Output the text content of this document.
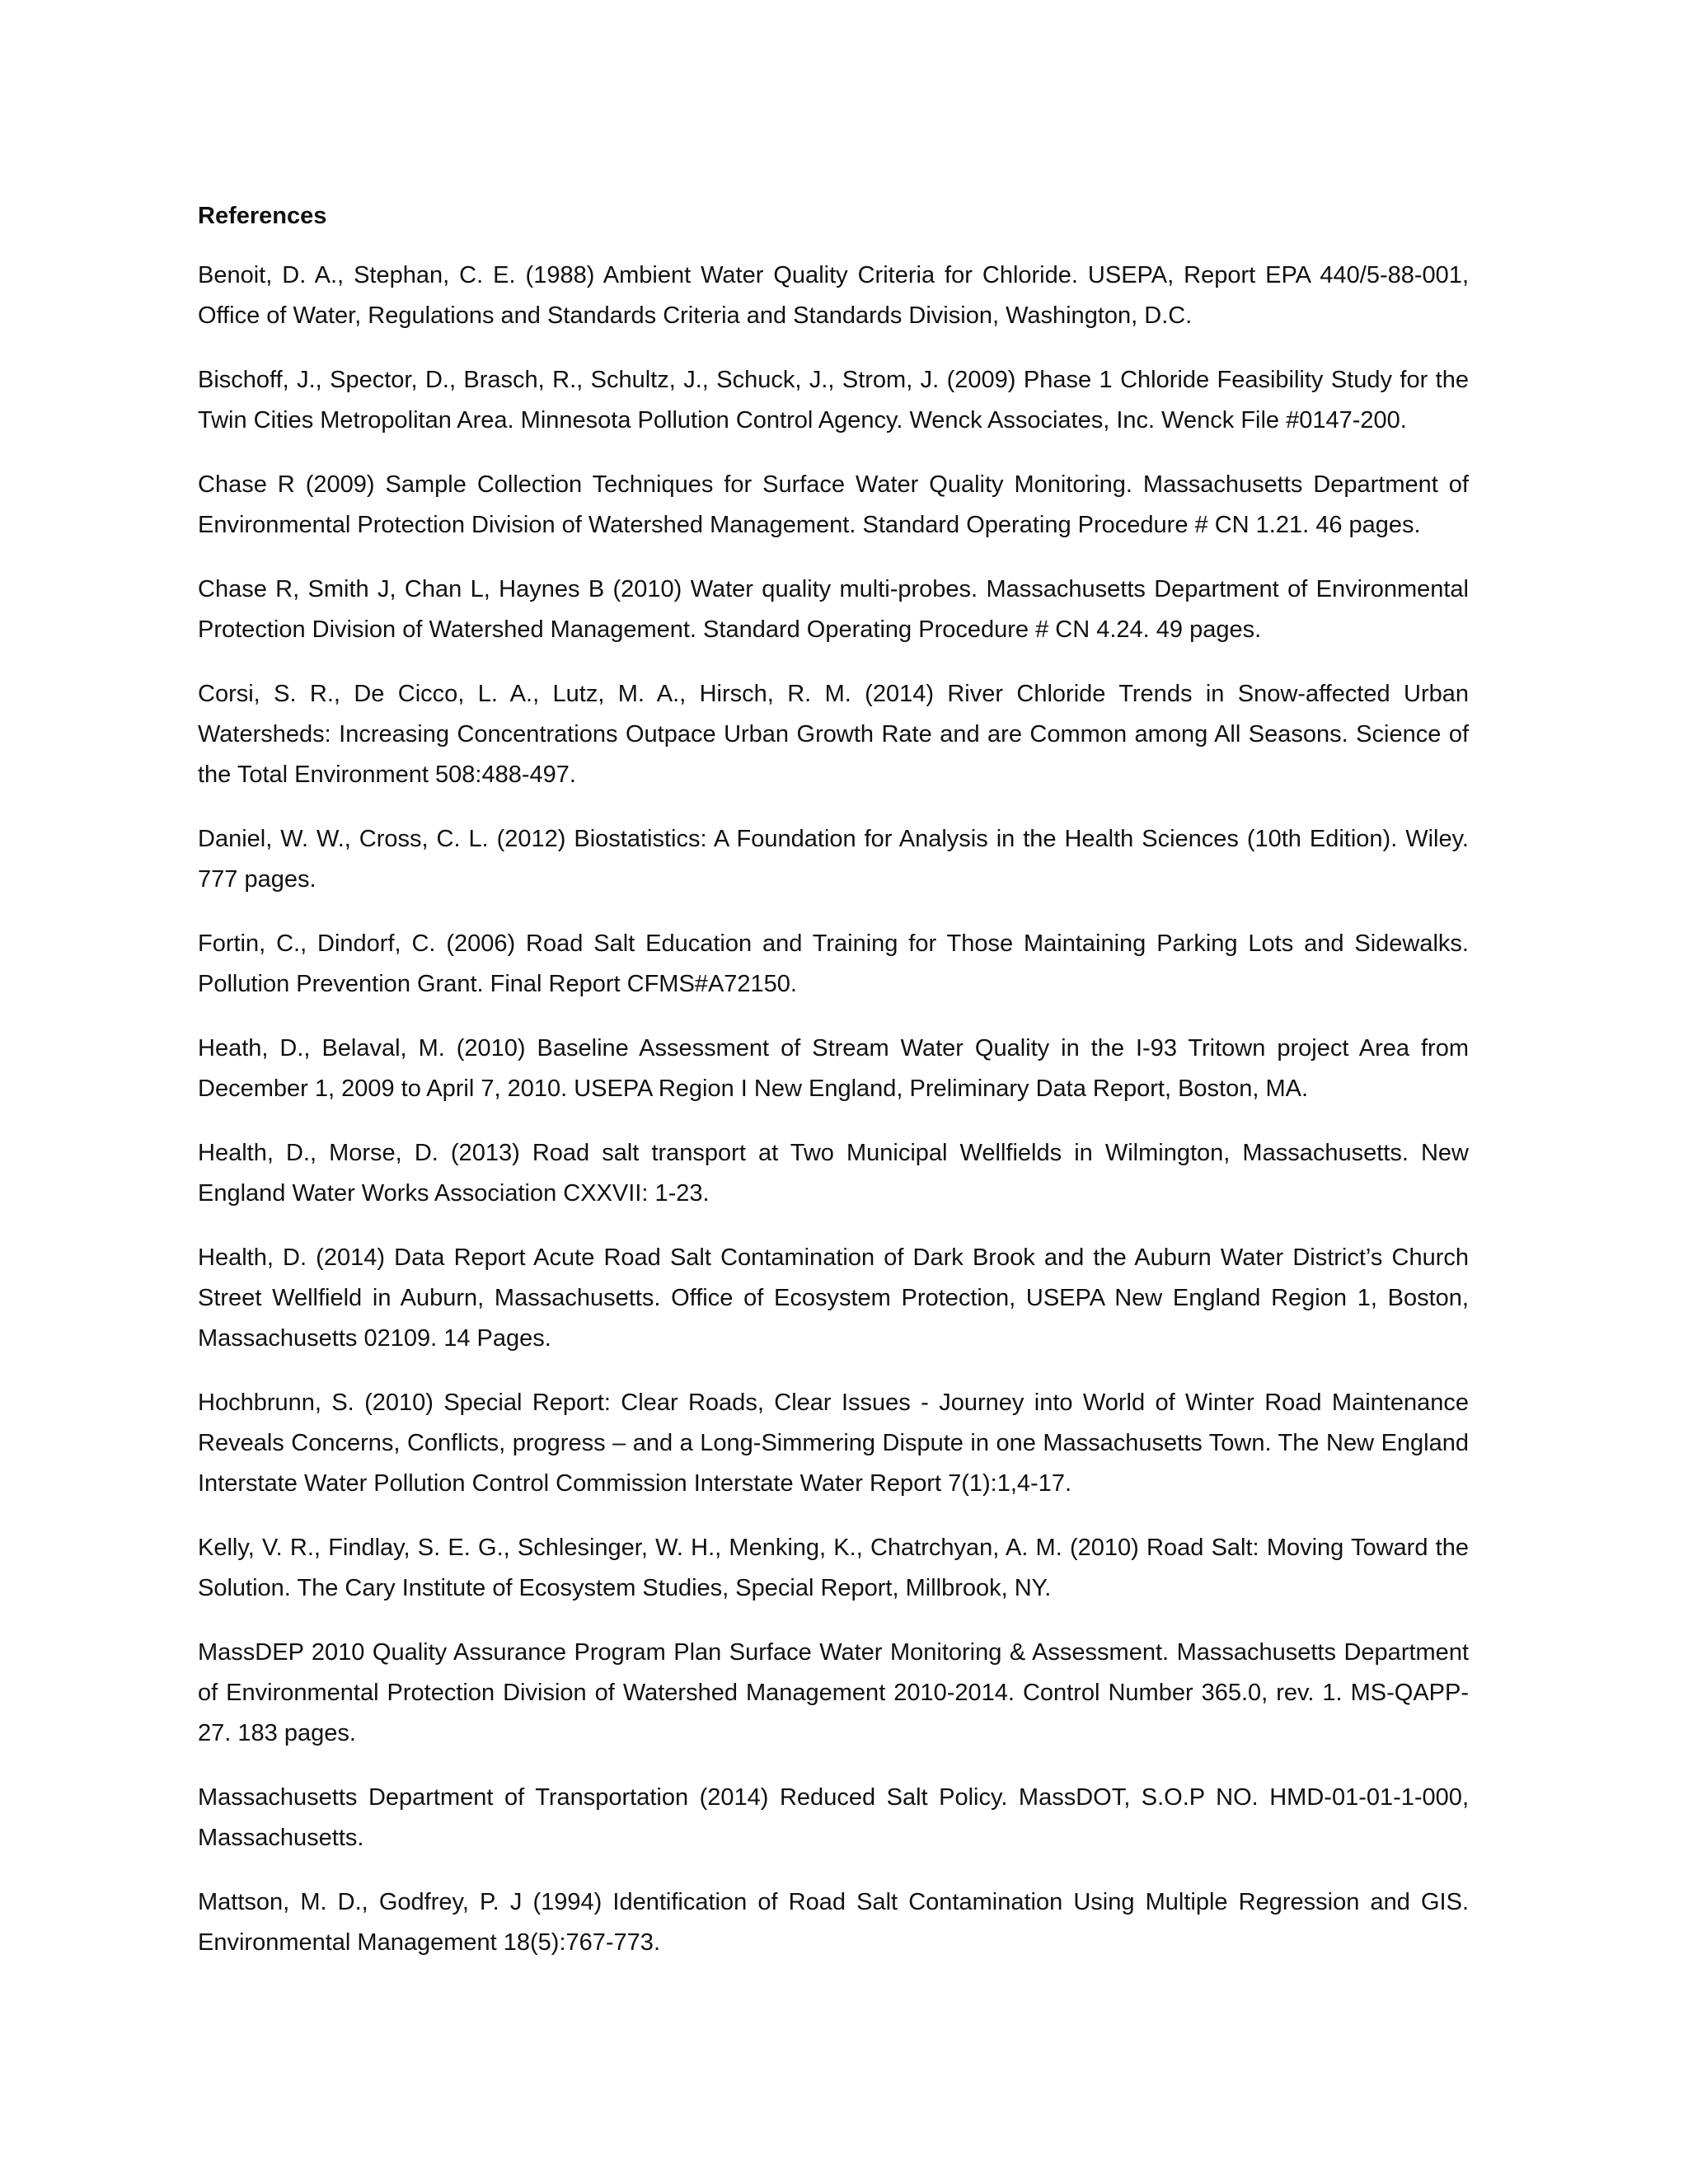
References

Benoit, D. A., Stephan, C. E. (1988) Ambient Water Quality Criteria for Chloride. USEPA, Report EPA 440/5-88-001, Office of Water, Regulations and Standards Criteria and Standards Division, Washington, D.C.

Bischoff, J., Spector, D., Brasch, R., Schultz, J., Schuck, J., Strom, J. (2009) Phase 1 Chloride Feasibility Study for the Twin Cities Metropolitan Area. Minnesota Pollution Control Agency. Wenck Associates, Inc. Wenck File #0147-200.

Chase R (2009) Sample Collection Techniques for Surface Water Quality Monitoring. Massachusetts Department of Environmental Protection Division of Watershed Management. Standard Operating Procedure # CN 1.21. 46 pages.

Chase R, Smith J, Chan L, Haynes B (2010) Water quality multi-probes. Massachusetts Department of Environmental Protection Division of Watershed Management. Standard Operating Procedure # CN 4.24. 49 pages.

Corsi, S. R., De Cicco, L. A., Lutz, M. A., Hirsch, R. M. (2014) River Chloride Trends in Snow-affected Urban Watersheds: Increasing Concentrations Outpace Urban Growth Rate and are Common among All Seasons. Science of the Total Environment 508:488-497.

Daniel, W. W., Cross, C. L. (2012) Biostatistics: A Foundation for Analysis in the Health Sciences (10th Edition). Wiley. 777 pages.

Fortin, C., Dindorf, C. (2006) Road Salt Education and Training for Those Maintaining Parking Lots and Sidewalks. Pollution Prevention Grant. Final Report CFMS#A72150.

Heath, D., Belaval, M. (2010) Baseline Assessment of Stream Water Quality in the I-93 Tritown project Area from December 1, 2009 to April 7, 2010. USEPA Region I New England, Preliminary Data Report, Boston, MA.

Health, D., Morse, D. (2013) Road salt transport at Two Municipal Wellfields in Wilmington, Massachusetts. New England Water Works Association CXXVII: 1-23.

Health, D. (2014) Data Report Acute Road Salt Contamination of Dark Brook and the Auburn Water District’s Church Street Wellfield in Auburn, Massachusetts. Office of Ecosystem Protection, USEPA New England Region 1, Boston, Massachusetts 02109. 14 Pages.

Hochbrunn, S. (2010) Special Report: Clear Roads, Clear Issues - Journey into World of Winter Road Maintenance Reveals Concerns, Conflicts, progress – and a Long-Simmering Dispute in one Massachusetts Town. The New England Interstate Water Pollution Control Commission Interstate Water Report 7(1):1,4-17.

Kelly, V. R., Findlay, S. E. G., Schlesinger, W. H., Menking, K., Chatrchyan, A. M. (2010) Road Salt: Moving Toward the Solution. The Cary Institute of Ecosystem Studies, Special Report, Millbrook, NY.

MassDEP 2010 Quality Assurance Program Plan Surface Water Monitoring & Assessment. Massachusetts Department of Environmental Protection Division of Watershed Management 2010-2014. Control Number 365.0, rev. 1. MS-QAPP-27. 183 pages.

Massachusetts Department of Transportation (2014) Reduced Salt Policy. MassDOT, S.O.P NO. HMD-01-01-1-000, Massachusetts.

Mattson, M. D., Godfrey, P. J (1994) Identification of Road Salt Contamination Using Multiple Regression and GIS. Environmental Management 18(5):767-773.
